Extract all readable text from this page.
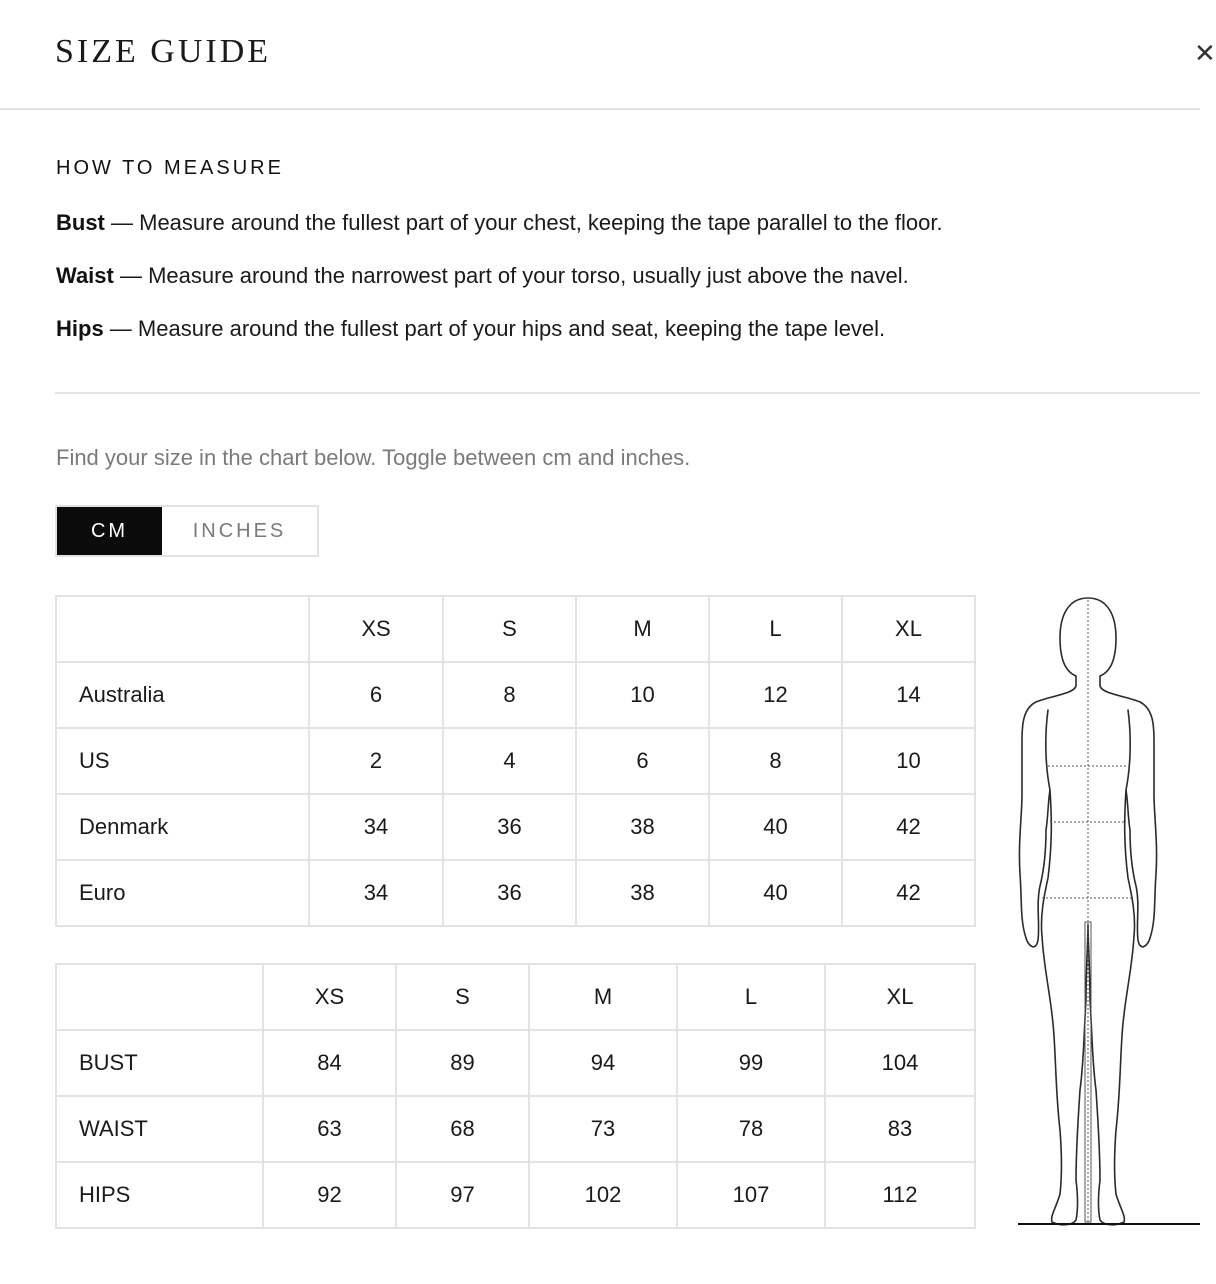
SIZE GUIDE	✕
HOW TO MEASURE
Bust — Measure around the fullest part of your chest, keeping the tape parallel to the floor.
Waist — Measure around the narrowest part of your torso, usually just above the navel.
Hips — Measure around the fullest part of your hips and seat, keeping the tape level.
Find your size in the chart below. Toggle between cm and inches.
CM	INCHES
	XS	S	M	L	XL
Australia	6	8	10	12	14
US	2	4	6	8	10
Denmark	34	36	38	40	42
Euro	34	36	38	40	42
	XS	S	M	L	XL
BUST	84	89	94	99	104
WAIST	63	68	73	78	83
HIPS	92	97	102	107	112
